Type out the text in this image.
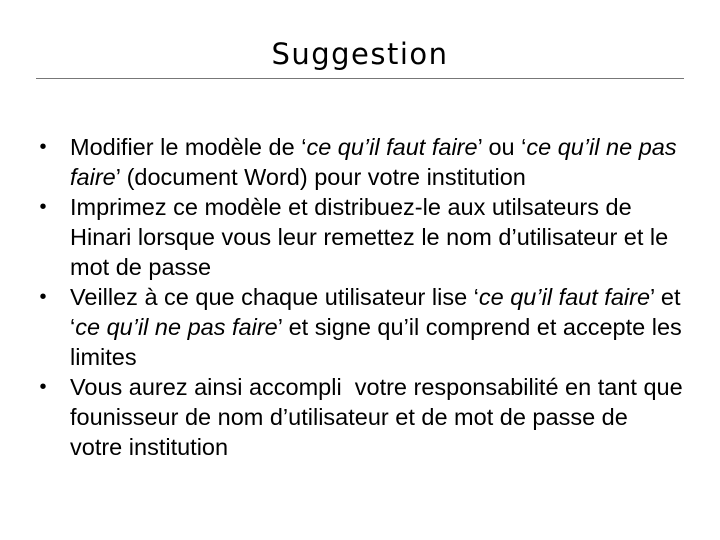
Suggestion
• Modifier le modèle de ‘ce qu’il faut faire’ ou ‘ce qu’il ne pas faire’ (document Word) pour votre institution
• Imprimez ce modèle et distribuez-le aux utilsateurs de Hinari lorsque vous leur remettez le nom d’utilisateur et le mot de passe
• Veillez à ce que chaque utilisateur lise ‘ce qu’il faut faire’ et ‘ce qu’il ne pas faire’ et signe qu’il comprend et accepte les limites
• Vous aurez ainsi accompli  votre responsabilité en tant que founisseur de nom d’utilisateur et de mot de passe de votre institution
